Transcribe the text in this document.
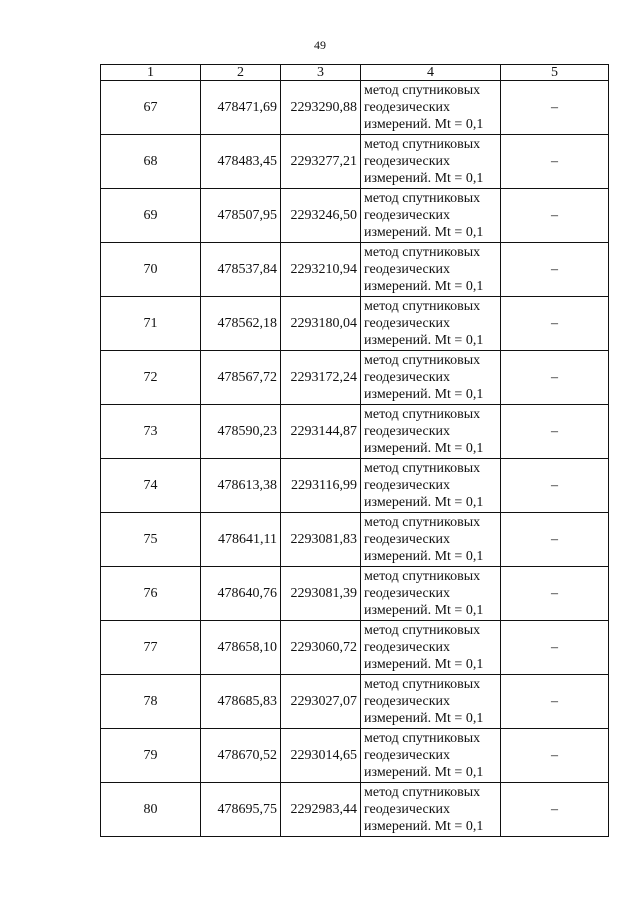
49
1	2	3	4	5
67	478471,69	2293290,88	метод спутниковых геодезических измерений. Mt = 0,1	–
68	478483,45	2293277,21	метод спутниковых геодезических измерений. Mt = 0,1	–
69	478507,95	2293246,50	метод спутниковых геодезических измерений. Mt = 0,1	–
70	478537,84	2293210,94	метод спутниковых геодезических измерений. Mt = 0,1	–
71	478562,18	2293180,04	метод спутниковых геодезических измерений. Mt = 0,1	–
72	478567,72	2293172,24	метод спутниковых геодезических измерений. Mt = 0,1	–
73	478590,23	2293144,87	метод спутниковых геодезических измерений. Mt = 0,1	–
74	478613,38	2293116,99	метод спутниковых геодезических измерений. Mt = 0,1	–
75	478641,11	2293081,83	метод спутниковых геодезических измерений. Mt = 0,1	–
76	478640,76	2293081,39	метод спутниковых геодезических измерений. Mt = 0,1	–
77	478658,10	2293060,72	метод спутниковых геодезических измерений. Mt = 0,1	–
78	478685,83	2293027,07	метод спутниковых геодезических измерений. Mt = 0,1	–
79	478670,52	2293014,65	метод спутниковых геодезических измерений. Mt = 0,1	–
80	478695,75	2292983,44	метод спутниковых геодезических измерений. Mt = 0,1	–
